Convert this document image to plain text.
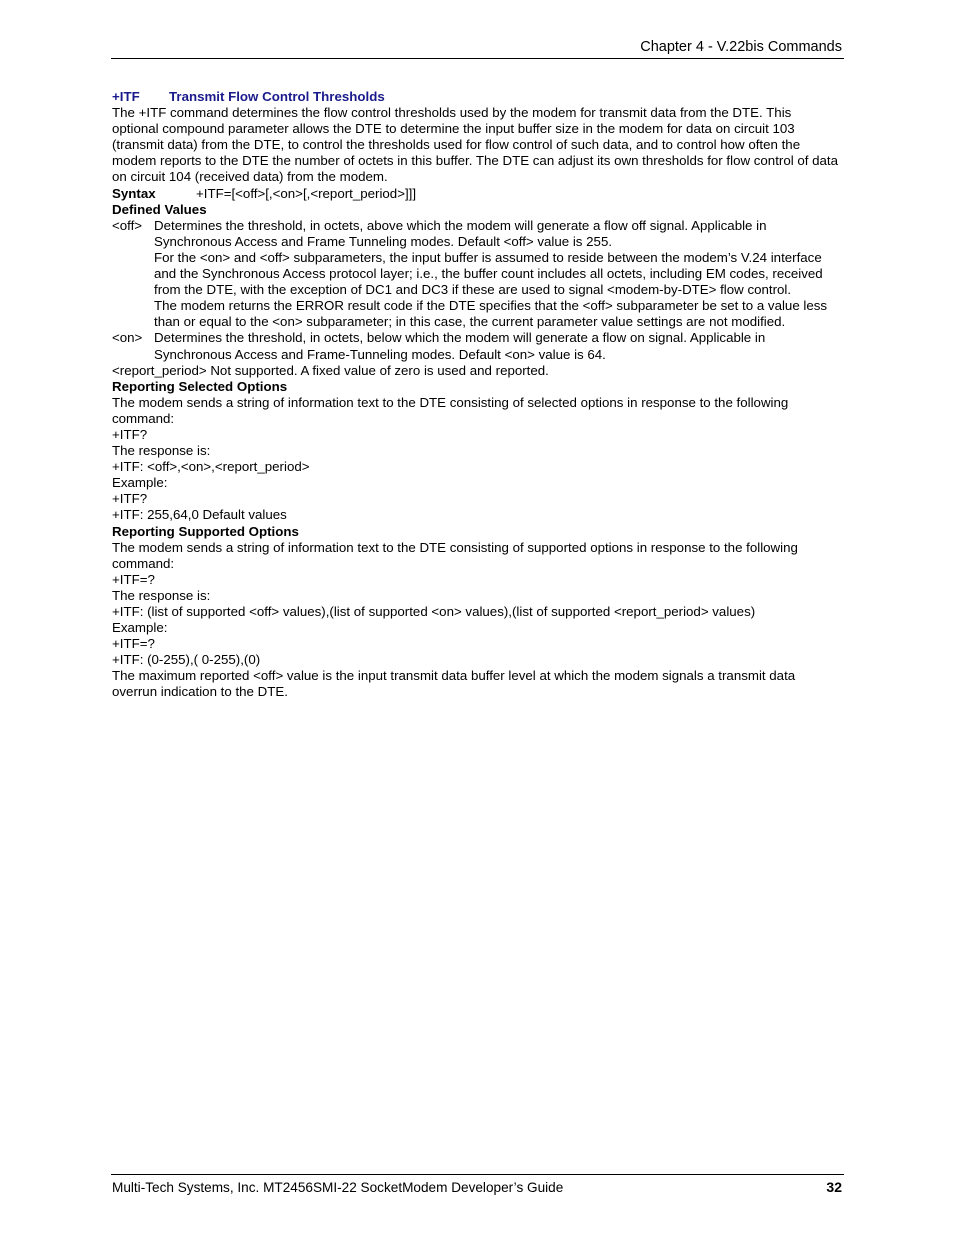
Chapter 4 - V.22bis Commands

+ITF Transmit Flow Control Thresholds

The +ITF command determines the flow control thresholds used by the modem for transmit data from the DTE. This optional compound parameter allows the DTE to determine the input buffer size in the modem for data on circuit 103 (transmit data) from the DTE, to control the thresholds used for flow control of such data, and to control how often the modem reports to the DTE the number of octets in this buffer. The DTE can adjust its own thresholds for flow control of data on circuit 104 (received data) from the modem.

Syntax	+ITF=[<off>[,<on>[,<report_period>]]]

Defined Values

<off> Determines the threshold, in octets, above which the modem will generate a flow off signal. Applicable in Synchronous Access and Frame Tunneling modes. Default <off> value is 255.

For the <on> and <off> subparameters, the input buffer is assumed to reside between the modem’s V.24 interface and the Synchronous Access protocol layer; i.e., the buffer count includes all octets, including EM codes, received from the DTE, with the exception of DC1 and DC3 if these are used to signal <modem-by-DTE> flow control.

The modem returns the ERROR result code if the DTE specifies that the <off> subparameter be set to a value less than or equal to the <on> subparameter; in this case, the current parameter value settings are not modified.

<on> Determines the threshold, in octets, below which the modem will generate a flow on signal. Applicable in Synchronous Access and Frame-Tunneling modes. Default <on> value is 64.

<report_period> Not supported. A fixed value of zero is used and reported.

Reporting Selected Options

The modem sends a string of information text to the DTE consisting of selected options in response to the following command:

+ITF?

The response is:

+ITF: <off>,<on>,<report_period>

Example:

+ITF?

+ITF: 255,64,0 Default values

Reporting Supported Options

The modem sends a string of information text to the DTE consisting of supported options in response to the following command:

+ITF=?

The response is:

+ITF: (list of supported <off> values),(list of supported <on> values),(list of supported <report_period> values)

Example:

+ITF=?

+ITF: (0-255),( 0-255),(0)

The maximum reported <off> value is the input transmit data buffer level at which the modem signals a transmit data overrun indication to the DTE.

Multi-Tech Systems, Inc. MT2456SMI-22 SocketModem Developer’s Guide	32
